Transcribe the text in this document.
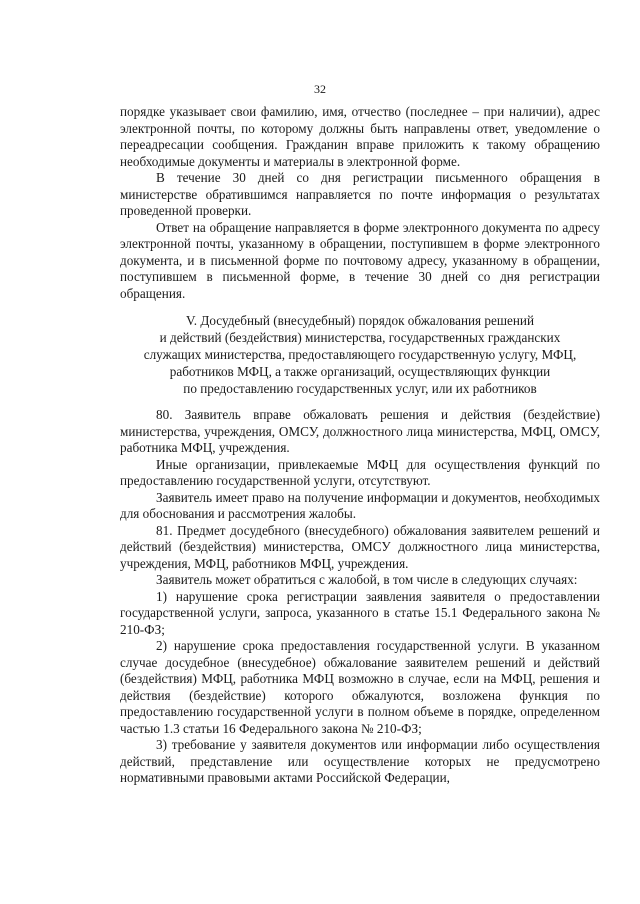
32

порядке указывает свои фамилию, имя, отчество (последнее – при наличии), адрес электронной почты, по которому должны быть направлены ответ, уведомление о переадресации сообщения. Гражданин вправе приложить к такому обращению необходимые документы и материалы в электронной форме.

В течение 30 дней со дня регистрации письменного обращения в министерстве обратившимся направляется по почте информация о результатах проведенной проверки.

Ответ на обращение направляется в форме электронного документа по адресу электронной почты, указанному в обращении, поступившем в форме электронного документа, и в письменной форме по почтовому адресу, указанному в обращении, поступившем в письменной форме, в течение 30 дней со дня регистрации обращения.

V. Досудебный (внесудебный) порядок обжалования решений
и действий (бездействия) министерства, государственных гражданских
служащих министерства, предоставляющего государственную услугу, МФЦ,
работников МФЦ, а также организаций, осуществляющих функции
по предоставлению государственных услуг, или их работников

80. Заявитель вправе обжаловать решения и действия (бездействие) министерства, учреждения, ОМСУ, должностного лица министерства, МФЦ, ОМСУ, работника МФЦ, учреждения.

Иные организации, привлекаемые МФЦ для осуществления функций по предоставлению государственной услуги, отсутствуют.

Заявитель имеет право на получение информации и документов, необходимых для обоснования и рассмотрения жалобы.

81. Предмет досудебного (внесудебного) обжалования заявителем решений и действий (бездействия) министерства, ОМСУ должностного лица министерства, учреждения, МФЦ, работников МФЦ, учреждения.

Заявитель может обратиться с жалобой, в том числе в следующих случаях:

1) нарушение срока регистрации заявления заявителя о предоставлении государственной услуги, запроса, указанного в статье 15.1 Федерального закона № 210-ФЗ;

2) нарушение срока предоставления государственной услуги. В указанном случае досудебное (внесудебное) обжалование заявителем решений и действий (бездействия) МФЦ, работника МФЦ возможно в случае, если на МФЦ, решения и действия (бездействие) которого обжалуются, возложена функция по предоставлению государственной услуги в полном объеме в порядке, определенном частью 1.3 статьи 16 Федерального закона № 210-ФЗ;

3) требование у заявителя документов или информации либо осуществления действий, представление или осуществление которых не предусмотрено нормативными правовыми актами Российской Федерации,
